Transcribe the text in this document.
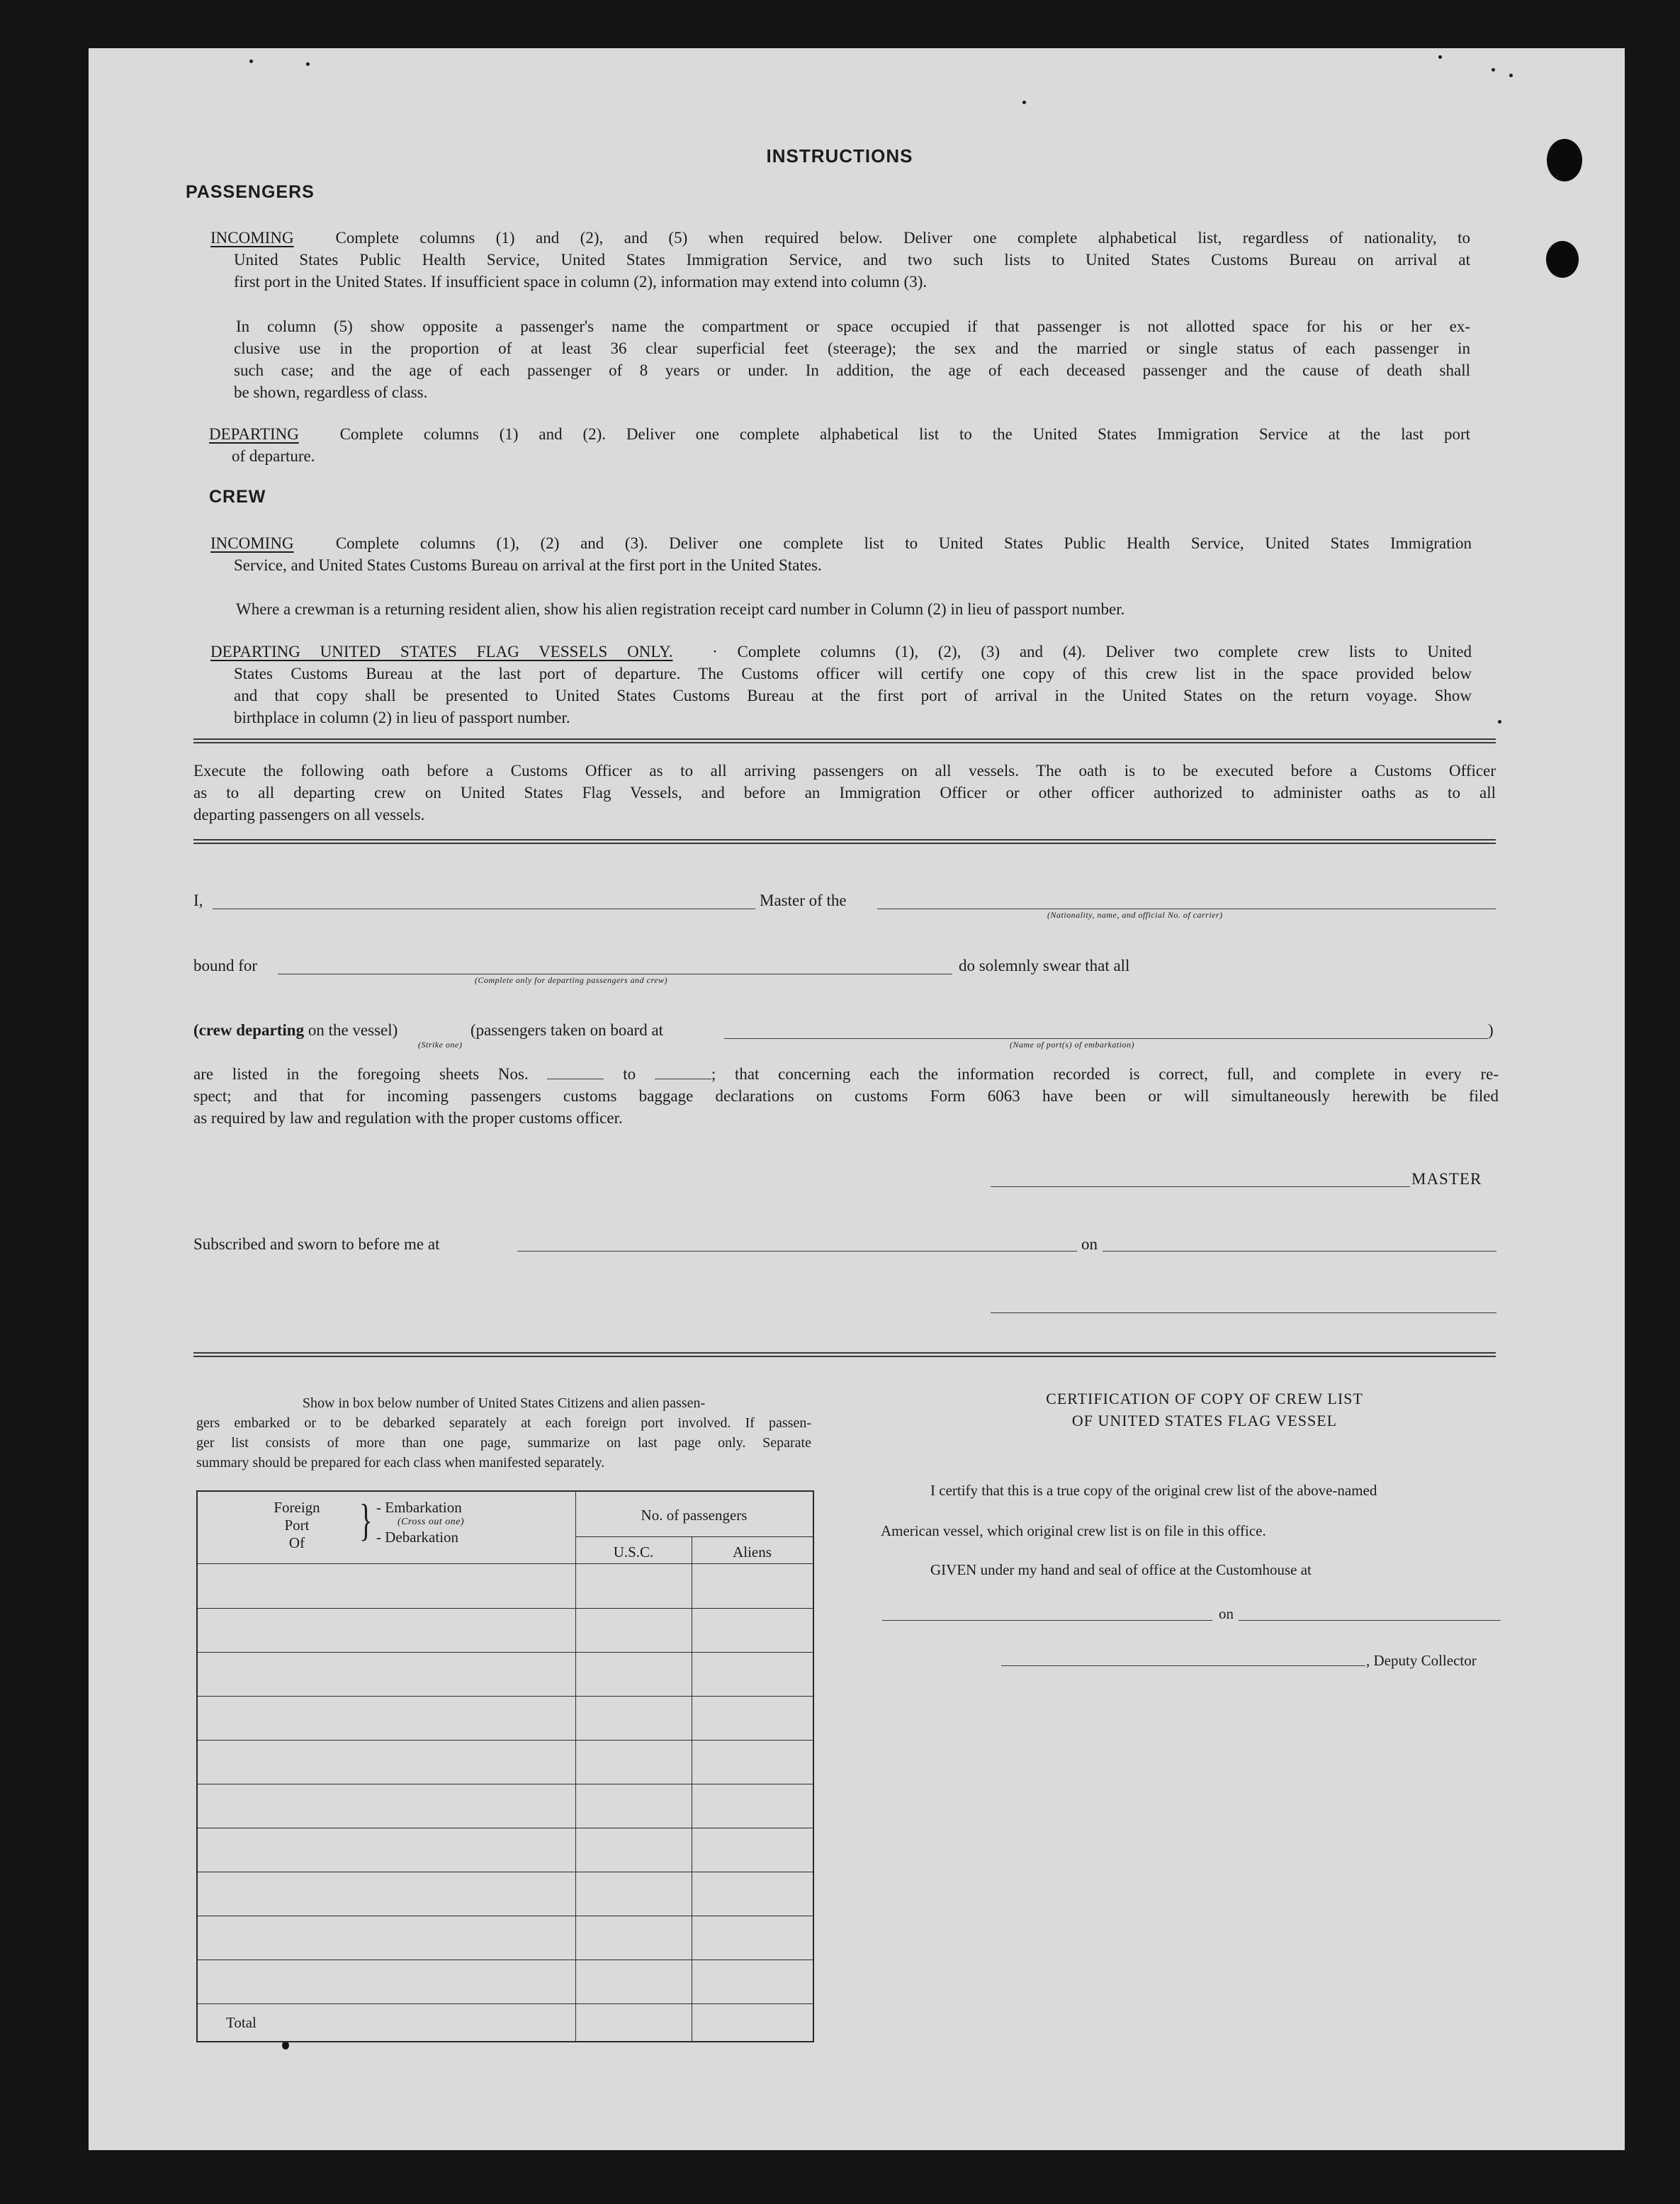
INSTRUCTIONS
PASSENGERS
INCOMING	Complete columns (1) and (2), and (5) when required below. Deliver one complete alphabetical list, regardless of nationality, to
United States Public Health Service, United States Immigration Service, and two such lists to United States Customs Bureau on arrival at
first port in the United States. If insufficient space in column (2), information may extend into column (3).
In column (5) show opposite a passenger's name the compartment or space occupied if that passenger is not allotted space for his or her ex-
clusive use in the proportion of at least 36 clear superficial feet (steerage); the sex and the married or single status of each passenger in
such case; and the age of each passenger of 8 years or under. In addition, the age of each deceased passenger and the cause of death shall
be shown, regardless of class.
DEPARTING	Complete columns (1) and (2). Deliver one complete alphabetical list to the United States Immigration Service at the last port
of departure.
CREW
INCOMING	Complete columns (1), (2) and (3). Deliver one complete list to United States Public Health Service, United States Immigration
Service, and United States Customs Bureau on arrival at the first port in the United States.
Where a crewman is a returning resident alien, show his alien registration receipt card number in Column (2) in lieu of passport number.
DEPARTING UNITED STATES FLAG VESSELS ONLY.  · Complete columns (1), (2), (3) and (4). Deliver two complete crew lists to United
States Customs Bureau at the last port of departure. The Customs officer will certify one copy of this crew list in the space provided below
and that copy shall be presented to United States Customs Bureau at the first port of arrival in the United States on the return voyage. Show
birthplace in column (2) in lieu of passport number.
Execute the following oath before a Customs Officer as to all arriving passengers on all vessels. The oath is to be executed before a Customs Officer
as to all departing crew on United States Flag Vessels, and before an Immigration Officer or other officer authorized to administer oaths as to all
departing passengers on all vessels.
I,	Master of the
(Nationality, name, and official No. of carrier)
bound for
(Complete only for departing passengers and crew)
do solemnly swear that all
(crew departing on the vessel)	(passengers taken on board at	)
(Strike one)	(Name of port(s) of embarkation)
are listed in the foregoing sheets Nos.	to	; that concerning each the information recorded is correct, full, and complete in every re-
spect; and that for incoming passengers customs baggage declarations on customs Form 6063 have been or will simultaneously herewith be filed
as required by law and regulation with the proper customs officer.
MASTER
Subscribed and sworn to before me at	on
Show in box below number of United States Citizens and alien passen-
gers embarked or to be debarked separately at each foreign port involved. If passen-
ger list consists of more than one page, summarize on last page only. Separate
summary should be prepared for each class when manifested separately.
Foreign
Port
Of	} - Embarkation
(Cross out one)
- Debarkation
No. of passengers
U.S.C.	Aliens
Total
CERTIFICATION OF COPY OF CREW LIST
OF UNITED STATES FLAG VESSEL
I certify that this is a true copy of the original crew list of the above-named
American vessel, which original crew list is on file in this office.
GIVEN under my hand and seal of office at the Customhouse at
on
, Deputy Collector
